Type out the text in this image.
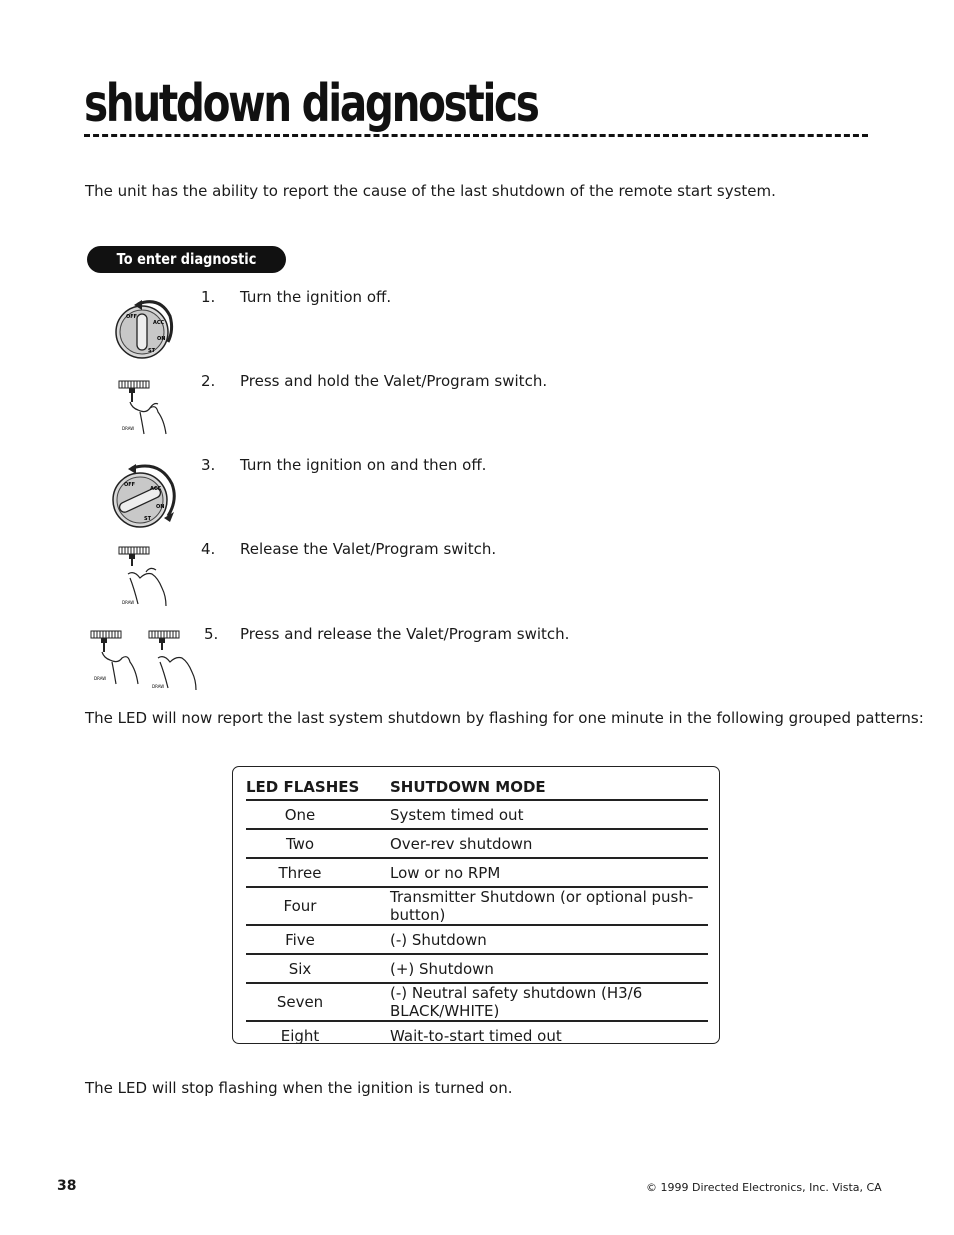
shutdown diagnostics
The unit has the ability to report the cause of the last shutdown of the remote start system.
To enter diagnostic mode
OFF
ACC
ON
ST
1. Turn the ignition off.
DRAW
2. Press and hold the Valet/Program switch.
OFF
ACC
ON
ST
3. Turn the ignition on and then off.
DRAW
4. Release the Valet/Program switch.
DRAW
DRAW
5. Press and release the Valet/Program switch.
The LED will now report the last system shutdown by flashing for one minute in the following grouped patterns:
LED FLASHES	SHUTDOWN MODE
One	System timed out
Two	Over-rev shutdown
Three	Low or no RPM
Four	Transmitter Shutdown (or optional push-button)
Five	(-) Shutdown
Six	(+) Shutdown
Seven	(-) Neutral safety shutdown (H3/6 BLACK/WHITE)
Eight	Wait-to-start timed out
The LED will stop flashing when the ignition is turned on.
38	© 1999 Directed Electronics, Inc. Vista, CA
